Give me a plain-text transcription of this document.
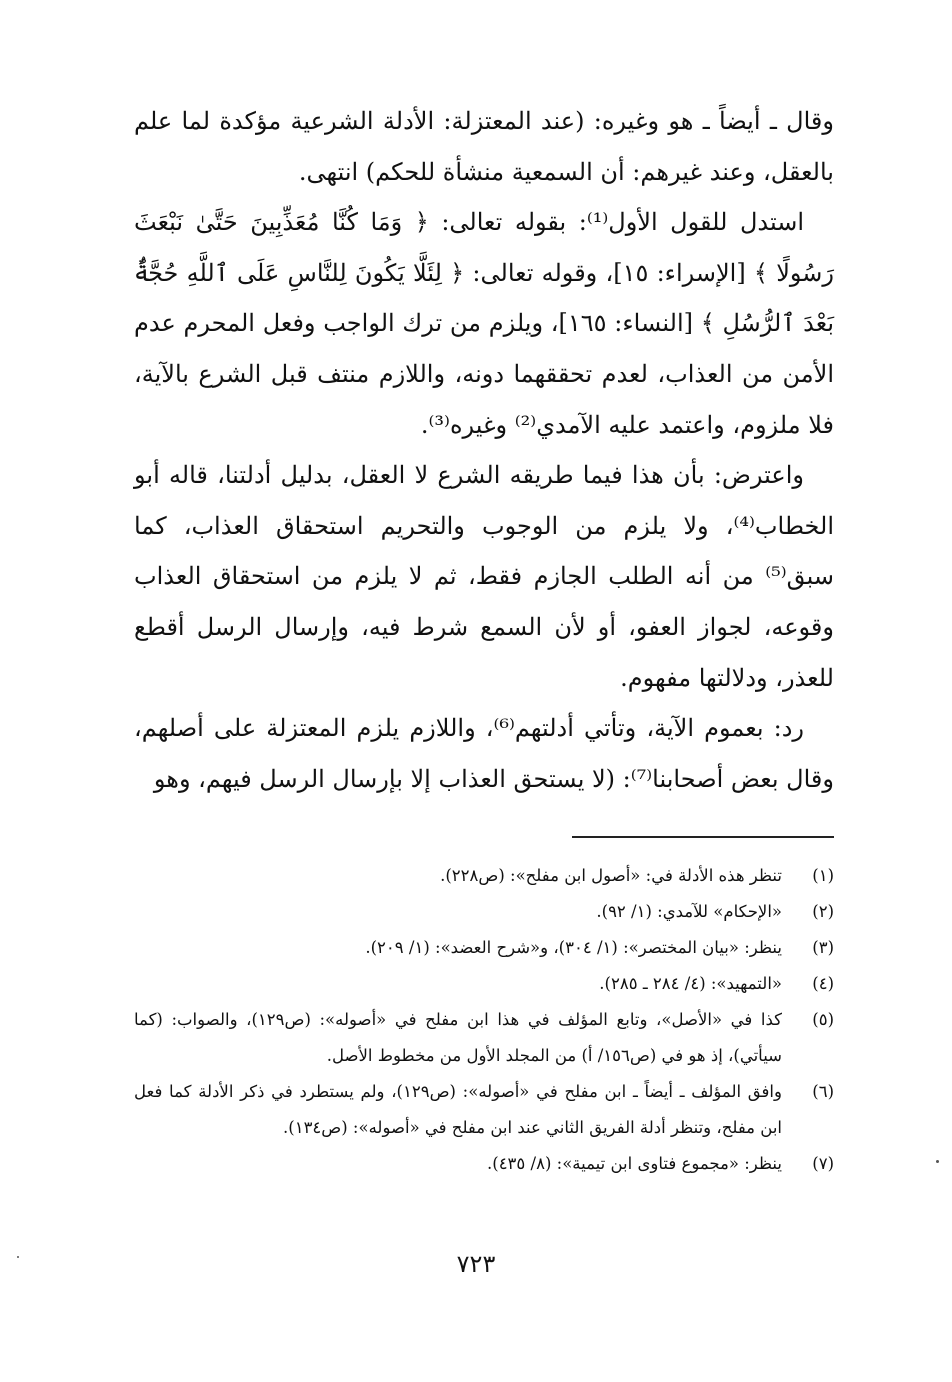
وقال ـ أيضاً ـ هو وغيره: (عند المعتزلة: الأدلة الشرعية مؤكدة لما علم بالعقل، وعند غيرهم: أن السمعية منشأة للحكم) انتهى.

استدل للقول الأول⁽¹⁾: بقوله تعالى: ﴿ وَمَا كُنَّا مُعَذِّبِينَ حَتَّىٰ نَبْعَثَ رَسُولًا ﴾ [الإسراء: ١٥]، وقوله تعالى: ﴿ لِئَلَّا يَكُونَ لِلنَّاسِ عَلَى ٱللَّهِ حُجَّةٌۢ بَعْدَ ٱلرُّسُلِ ﴾ [النساء: ١٦٥]، ويلزم من ترك الواجب وفعل المحرم عدم الأمن من العذاب، لعدم تحققهما دونه، واللازم منتف قبل الشرع بالآية، فلا ملزوم، واعتمد عليه الآمدي⁽²⁾ وغيره⁽³⁾.

واعترض: بأن هذا فيما طريقه الشرع لا العقل، بدليل أدلتنا، قاله أبو الخطاب⁽⁴⁾، ولا يلزم من الوجوب والتحريم استحقاق العذاب، كما سبق⁽⁵⁾ من أنه الطلب الجازم فقط، ثم لا يلزم من استحقاق العذاب وقوعه، لجواز العفو، أو لأن السمع شرط فيه، وإرسال الرسل أقطع للعذر، ودلالتها مفهوم.

رد: بعموم الآية، وتأتي أدلتهم⁽⁶⁾، واللازم يلزم المعتزلة على أصلهم، وقال بعض أصحابنا⁽⁷⁾: (لا يستحق العذاب إلا بإرسال الرسل فيهم، وهو

(١)
تنظر هذه الأدلة في: «أصول ابن مفلح»: (ص٢٢٨).
(٢)
«الإحكام» للآمدي: (١/ ٩٢).
(٣)
ينظر: «بيان المختصر»: (١/ ٣٠٤)، و«شرح العضد»: (١/ ٢٠٩).
(٤)
«التمهيد»: (٤/ ٢٨٤ ـ ٢٨٥).
(٥)
كذا في «الأصل»، وتابع المؤلف في هذا ابن مفلح في «أصوله»: (ص١٢٩)، والصواب: (كما سيأتي)، إذ هو في (ص١٥٦/ أ) من المجلد الأول من مخطوط الأصل.
(٦)
وافق المؤلف ـ أيضاً ـ ابن مفلح في «أصوله»: (ص١٢٩)، ولم يستطرد في ذكر الأدلة كما فعل ابن مفلح، وتنظر أدلة الفريق الثاني عند ابن مفلح في «أصوله»: (ص١٣٤).
(٧)
ينظر: «مجموع فتاوى ابن تيمية»: (٨/ ٤٣٥).
٧٢٣
